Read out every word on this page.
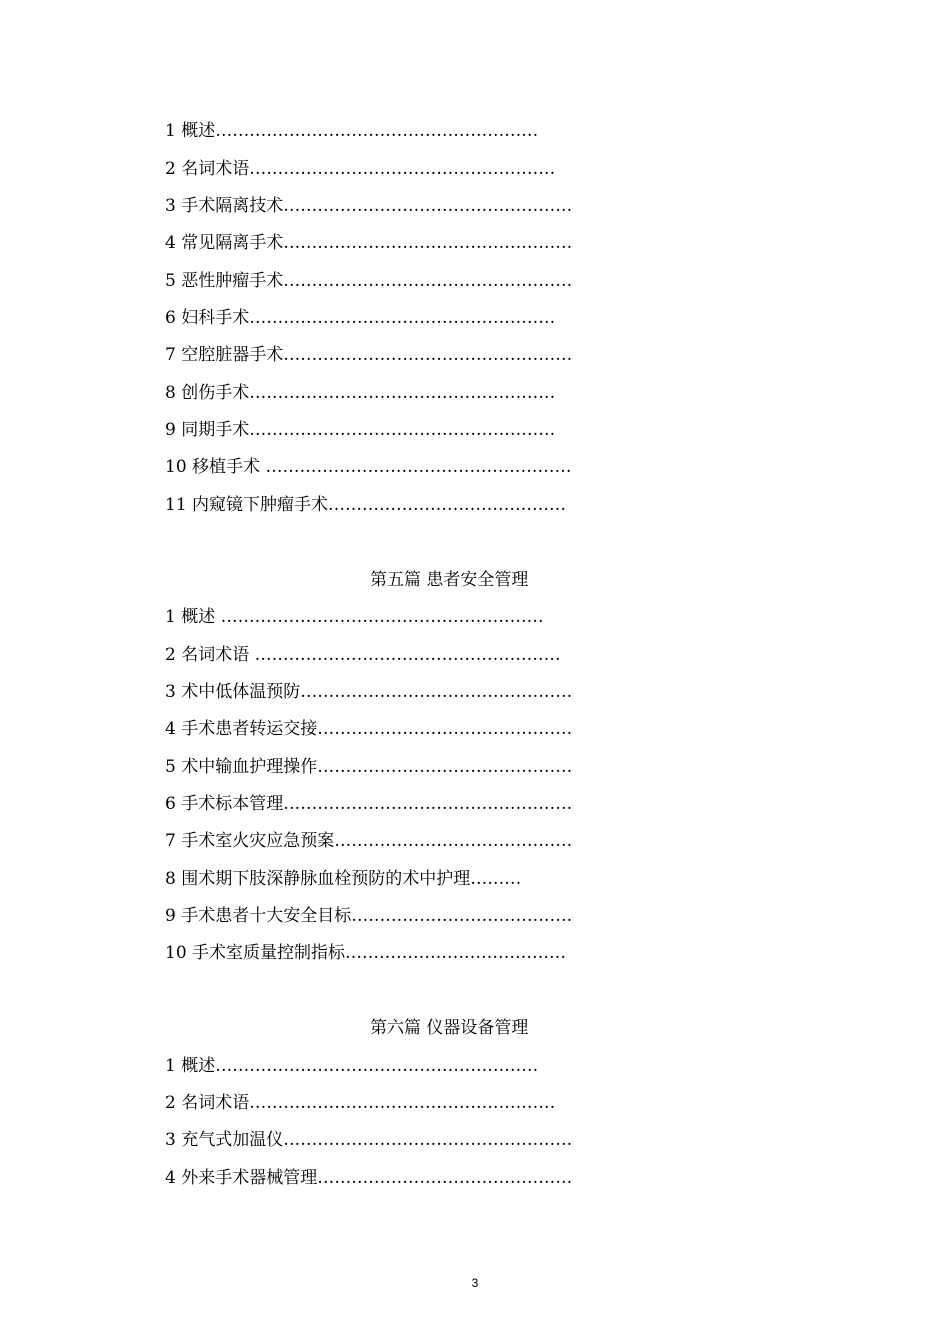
1 概述…………………………………………………
2 名词术语………………………………………………
3 手术隔离技术……………………………………………
4 常见隔离手术……………………………………………
5 恶性肿瘤手术……………………………………………
6 妇科手术………………………………………………
7 空腔脏器手术……………………………………………
8 创伤手术………………………………………………
9 同期手术………………………………………………
10 移植手术 ………………………………………………
11 内窥镜下肿瘤手术……………………………………
第五篇 患者安全管理
1 概述 …………………………………………………
2 名词术语 ………………………………………………
3 术中低体温预防…………………………………………
4 手术患者转运交接………………………………………
5 术中输血护理操作………………………………………
6 手术标本管理……………………………………………
7 手术室火灾应急预案……………………………………
8 围术期下肢深静脉血栓预防的术中护理………
9 手术患者十大安全目标…………………………………
10 手术室质量控制指标…………………………………
第六篇 仪器设备管理
1 概述…………………………………………………
2 名词术语………………………………………………
3 充气式加温仪……………………………………………
4 外来手术器械管理………………………………………
3
